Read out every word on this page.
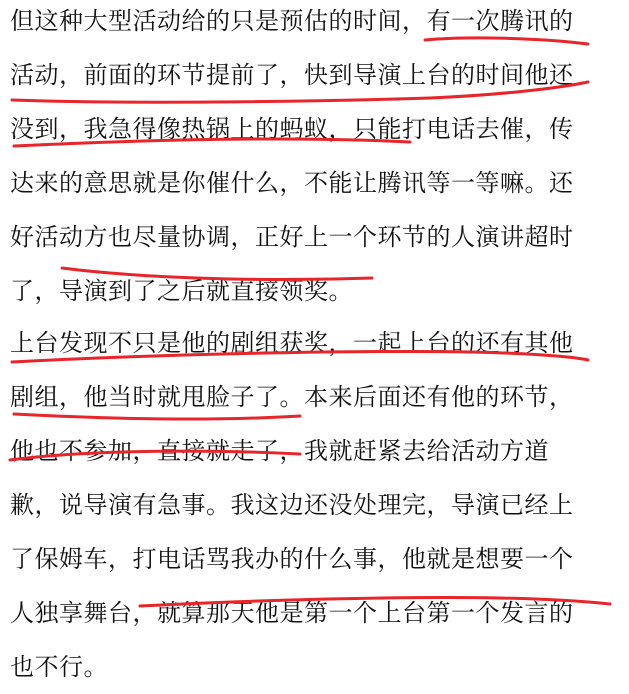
但这种大型活动给的只是预估的时间，有一次腾讯的
活动，前面的环节提前了，快到导演上台的时间他还
没到，我急得像热锅上的蚂蚁，只能打电话去催，传
达来的意思就是你催什么，不能让腾讯等一等嘛。还
好活动方也尽量协调，正好上一个环节的人演讲超时
了，导演到了之后就直接领奖。
上台发现不只是他的剧组获奖，一起上台的还有其他
剧组，他当时就甩脸子了。本来后面还有他的环节，
他也不参加，直接就走了，我就赶紧去给活动方道
歉，说导演有急事。我这边还没处理完，导演已经上
了保姆车，打电话骂我办的什么事，他就是想要一个
人独享舞台，就算那天他是第一个上台第一个发言的
也不行。
